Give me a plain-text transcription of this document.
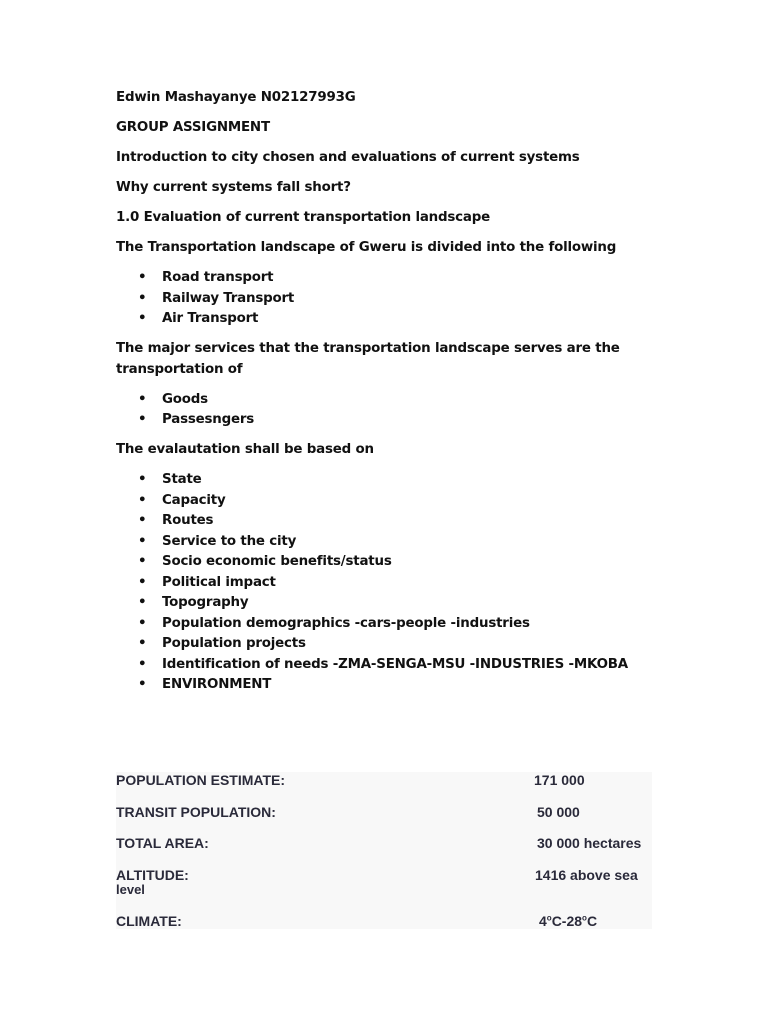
Edwin Mashayanye N02127993G

GROUP ASSIGNMENT

Introduction to city chosen and evaluations of current systems

Why current systems fall short?

1.0 Evaluation of current transportation landscape

The Transportation landscape of Gweru is divided into the following

• Road transport
• Railway Transport
• Air Transport

The major services that the transportation landscape serves are the transportation of

• Goods
• Passesngers

The evalautation shall be based on

• State
• Capacity
• Routes
• Service to the city
• Socio economic benefits/status
• Political impact
• Topography
• Population demographics -cars-people -industries
• Population projects
• Identification of needs -ZMA-SENGA-MSU -INDUSTRIES -MKOBA
• ENVIRONMENT
POPULATION ESTIMATE:	171 000
TRANSIT POPULATION:	50 000
TOTAL AREA:	30 000 hectares
ALTITUDE:	1416 above sea
level
CLIMATE:	4$^o$C-28$^o$C
